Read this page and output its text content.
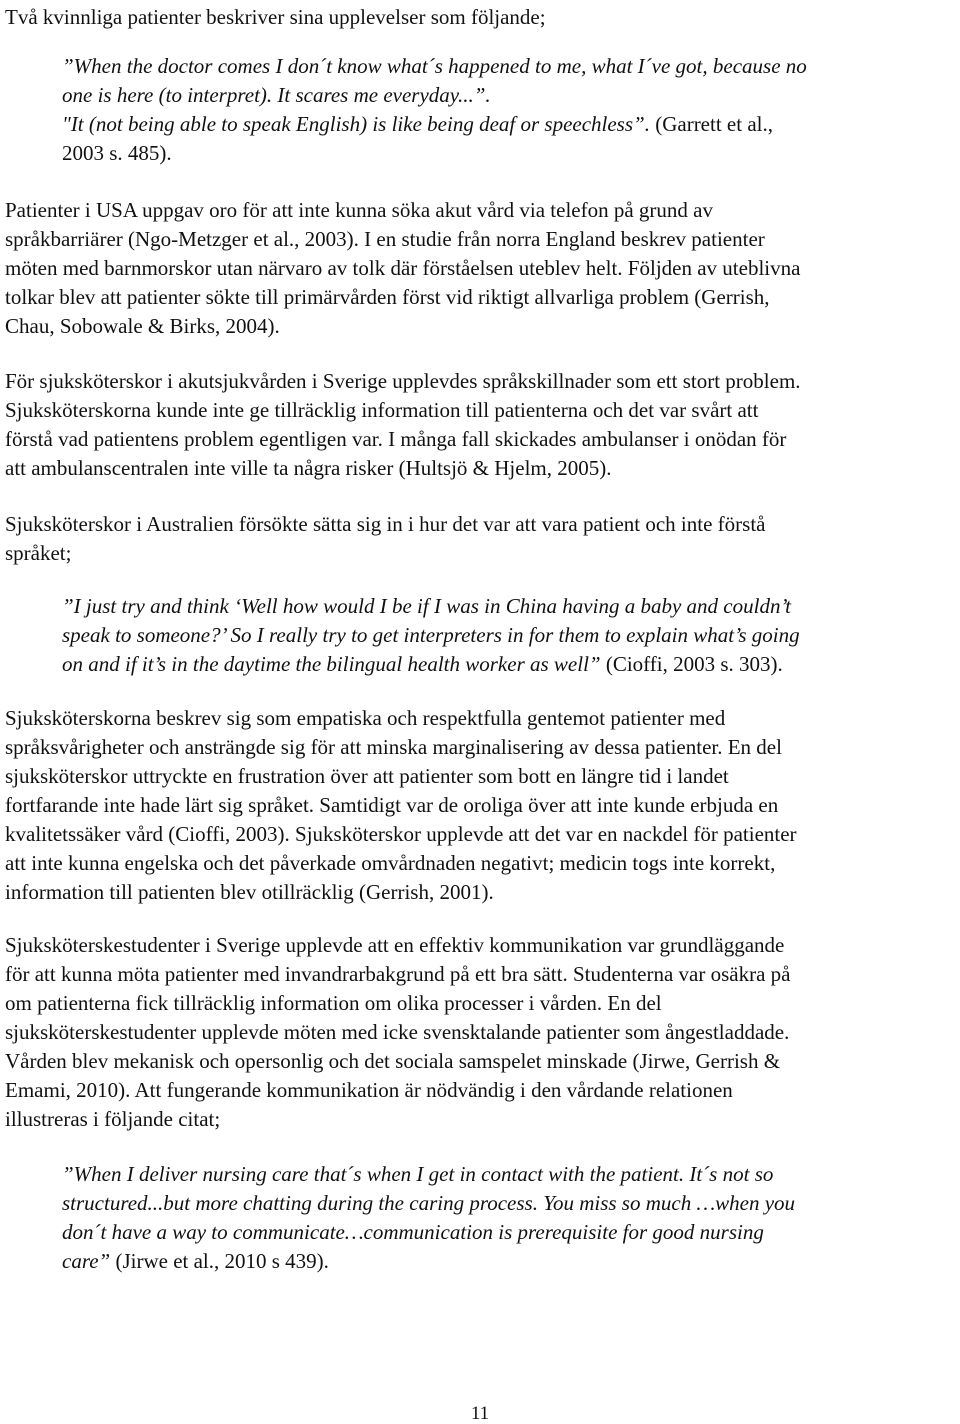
Två kvinnliga patienter beskriver sina upplevelser som följande;
”When the doctor comes I don´t know what´s happened to me, what I´ve got, because no
one is here (to interpret). It scares me everyday...”.
"It (not being able to speak English) is like being deaf or speechless”. (Garrett et al.,
2003 s. 485).
Patienter i USA uppgav oro för att inte kunna söka akut vård via telefon på grund av
språkbarriärer (Ngo-Metzger et al., 2003). I en studie från norra England beskrev patienter
möten med barnmorskor utan närvaro av tolk där förståelsen uteblev helt. Följden av uteblivna
tolkar blev att patienter sökte till primärvården först vid riktigt allvarliga problem (Gerrish,
Chau, Sobowale & Birks, 2004).
För sjuksköterskor i akutsjukvården i Sverige upplevdes språkskillnader som ett stort problem.
Sjuksköterskorna kunde inte ge tillräcklig information till patienterna och det var svårt att
förstå vad patientens problem egentligen var. I många fall skickades ambulanser i onödan för
att ambulanscentralen inte ville ta några risker (Hultsjö & Hjelm, 2005).
Sjuksköterskor i Australien försökte sätta sig in i hur det var att vara patient och inte förstå
språket;
”I just try and think ‘Well how would I be if I was in China having a baby and couldn’t
speak to someone?’ So I really try to get interpreters in for them to explain what’s going
on and if it’s in the daytime the bilingual health worker as well” (Cioffi, 2003 s. 303).
Sjuksköterskorna beskrev sig som empatiska och respektfulla gentemot patienter med
språksvårigheter och ansträngde sig för att minska marginalisering av dessa patienter. En del
sjuksköterskor uttryckte en frustration över att patienter som bott en längre tid i landet
fortfarande inte hade lärt sig språket. Samtidigt var de oroliga över att inte kunde erbjuda en
kvalitetssäker vård (Cioffi, 2003). Sjuksköterskor upplevde att det var en nackdel för patienter
att inte kunna engelska och det påverkade omvårdnaden negativt; medicin togs inte korrekt,
information till patienten blev otillräcklig (Gerrish, 2001).
Sjuksköterskestudenter i Sverige upplevde att en effektiv kommunikation var grundläggande
för att kunna möta patienter med invandrarbakgrund på ett bra sätt. Studenterna var osäkra på
om patienterna fick tillräcklig information om olika processer i vården. En del
sjuksköterskestudenter upplevde möten med icke svensktalande patienter som ångestladdade.
Vården blev mekanisk och opersonlig och det sociala samspelet minskade (Jirwe, Gerrish &
Emami, 2010). Att fungerande kommunikation är nödvändig i den vårdande relationen
illustreras i följande citat;
”When I deliver nursing care that´s when I get in contact with the patient. It´s not so
structured...but more chatting during the caring process. You miss so much …when you
don´t have a way to communicate…communication is prerequisite for good nursing
care” (Jirwe et al., 2010 s 439).
11
